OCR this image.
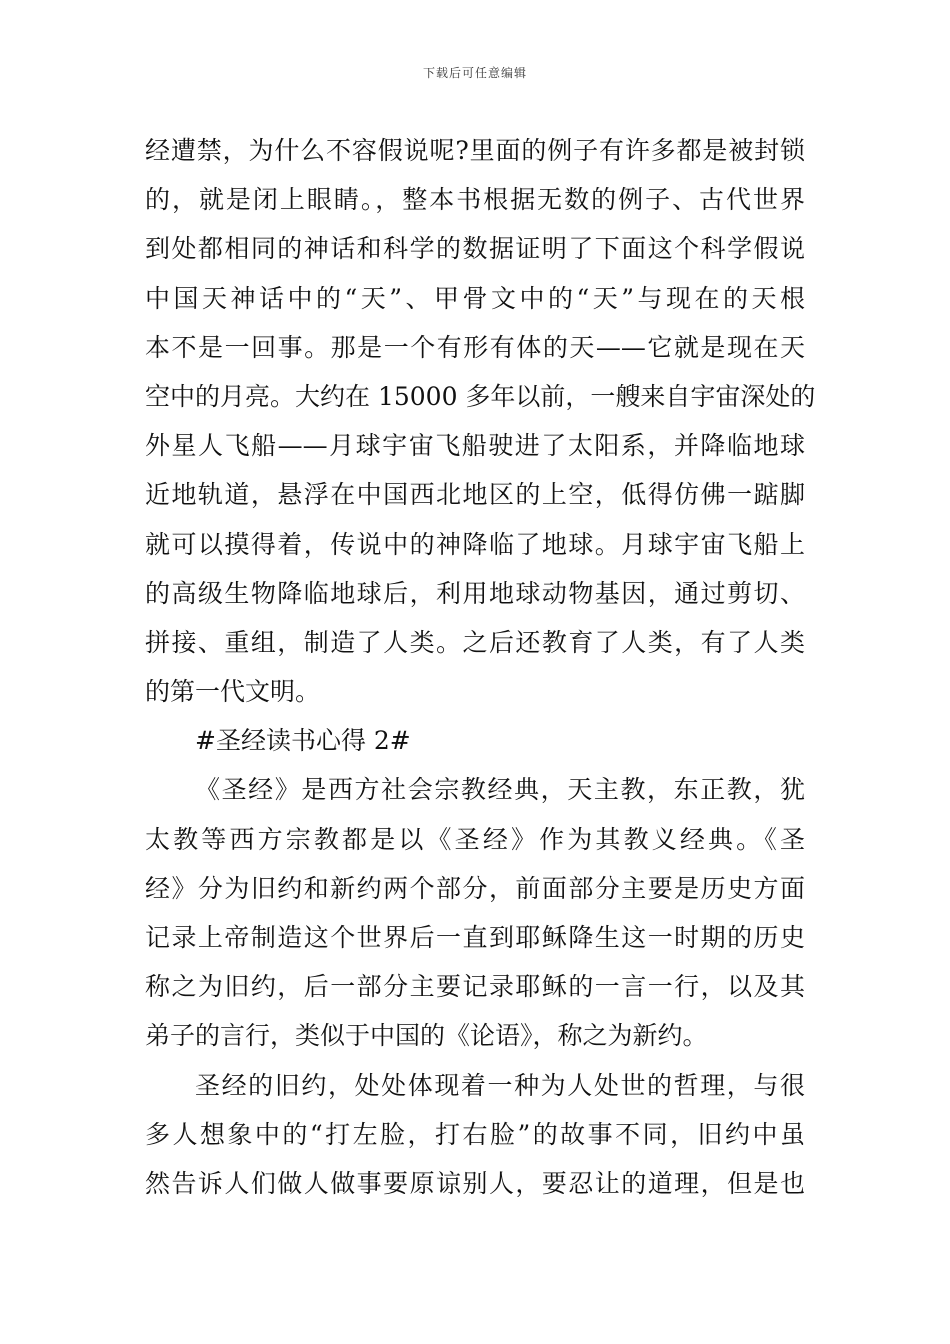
下载后可任意编辑
经遭禁，为什么不容假说呢?里面的例子有许多都是被封锁
的，就是闭上眼睛。，整本书根据无数的例子、古代世界
到处都相同的神话和科学的数据证明了下面这个科学假说
中国天神话中的“天”、甲骨文中的“天”与现在的天根
本不是一回事。那是一个有形有体的天——它就是现在天
空中的月亮。大约在 15000 多年以前，一艘来自宇宙深处的
外星人飞船——月球宇宙飞船驶进了太阳系，并降临地球
近地轨道，悬浮在中国西北地区的上空，低得仿佛一踮脚
就可以摸得着，传说中的神降临了地球。月球宇宙飞船上
的高级生物降临地球后，利用地球动物基因，通过剪切、
拼接、重组，制造了人类。之后还教育了人类，有了人类
的第一代文明。
#圣经读书心得 2#
《圣经》是西方社会宗教经典，天主教，东正教，犹
太教等西方宗教都是以《圣经》作为其教义经典。《圣
经》分为旧约和新约两个部分，前面部分主要是历史方面
记录上帝制造这个世界后一直到耶稣降生这一时期的历史
称之为旧约，后一部分主要记录耶稣的一言一行，以及其
弟子的言行，类似于中国的《论语》，称之为新约。
圣经的旧约，处处体现着一种为人处世的哲理，与很
多人想象中的“打左脸，打右脸”的故事不同，旧约中虽
然告诉人们做人做事要原谅别人，要忍让的道理，但是也
